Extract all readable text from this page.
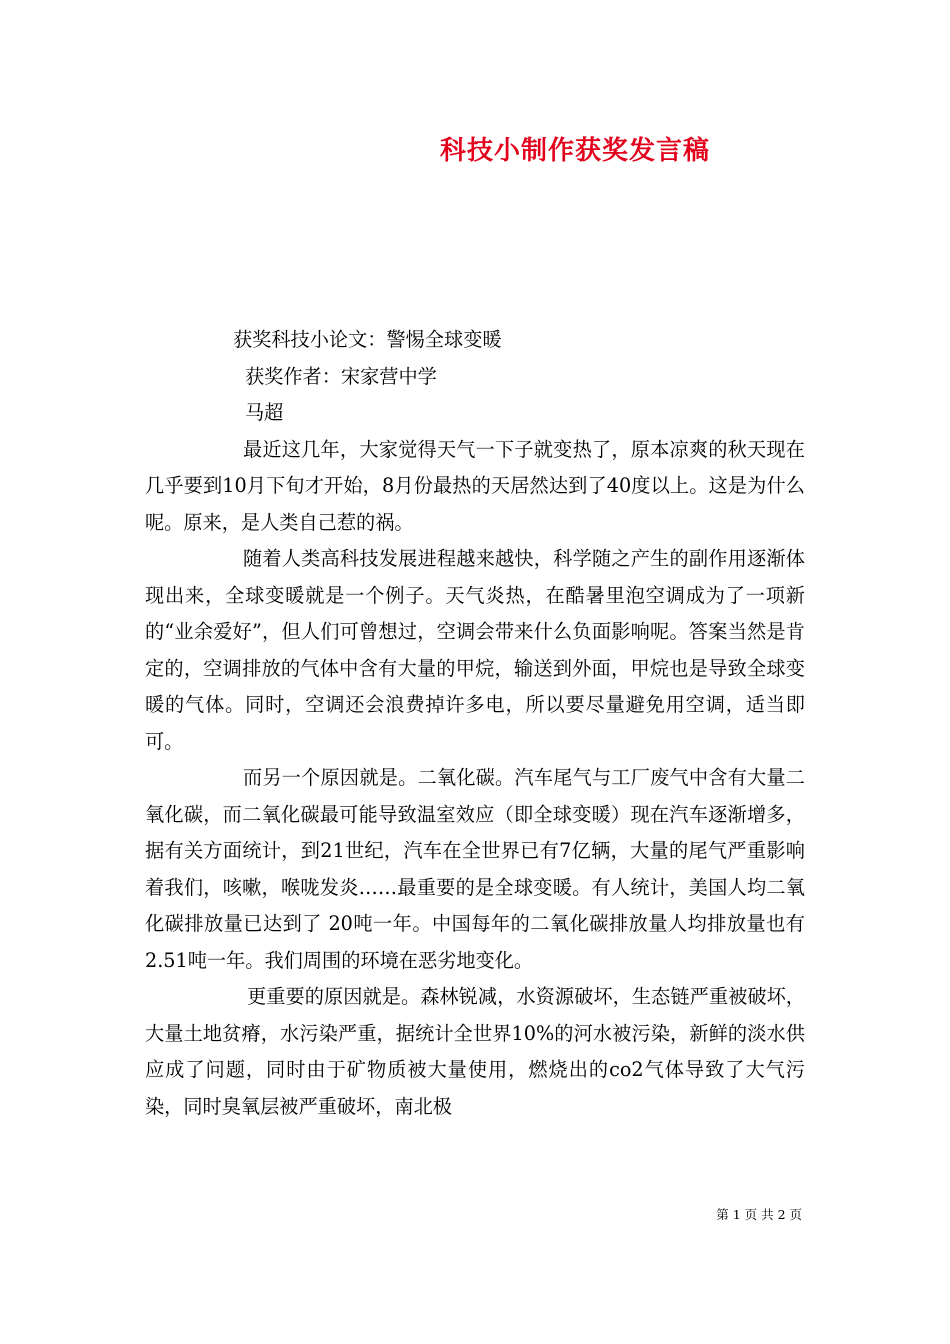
科技小制作获奖发言稿
获奖科技小论文：警惕全球变暖
获奖作者：宋家营中学
马超

最近这几年，大家觉得天气一下子就变热了，原本凉爽的秋天现在几乎要到10月下旬才开始，8月份最热的天居然达到了40度以上。这是为什么呢。原来，是人类自己惹的祸。

随着人类高科技发展进程越来越快，科学随之产生的副作用逐渐体现出来，全球变暖就是一个例子。天气炎热，在酷暑里泡空调成为了一项新的“业余爱好”，但人们可曾想过，空调会带来什么负面影响呢。答案当然是肯定的，空调排放的气体中含有大量的甲烷，输送到外面，甲烷也是导致全球变暖的气体。同时，空调还会浪费掉许多电，所以要尽量避免用空调，适当即可。

而另一个原因就是。二氧化碳。汽车尾气与工厂废气中含有大量二氧化碳，而二氧化碳最可能导致温室效应（即全球变暖）现在汽车逐渐增多，据有关方面统计，到21世纪，汽车在全世界已有7亿辆，大量的尾气严重影响着我们，咳嗽，喉咙发炎……最重要的是全球变暖。有人统计，美国人均二氧化碳排放量已达到了 20吨一年。中国每年的二氧化碳排放量人均排放量也有 2.51吨一年。我们周围的环境在恶劣地变化。

更重要的原因就是。森林锐减，水资源破坏，生态链严重被破坏，大量土地贫瘠，水污染严重，据统计全世界10%的河水被污染，新鲜的淡水供应成了问题，同时由于矿物质被大量使用，燃烧出的co2气体导致了大气污染，同时臭氧层被严重破坏，南北极

第 1 页 共 2 页
